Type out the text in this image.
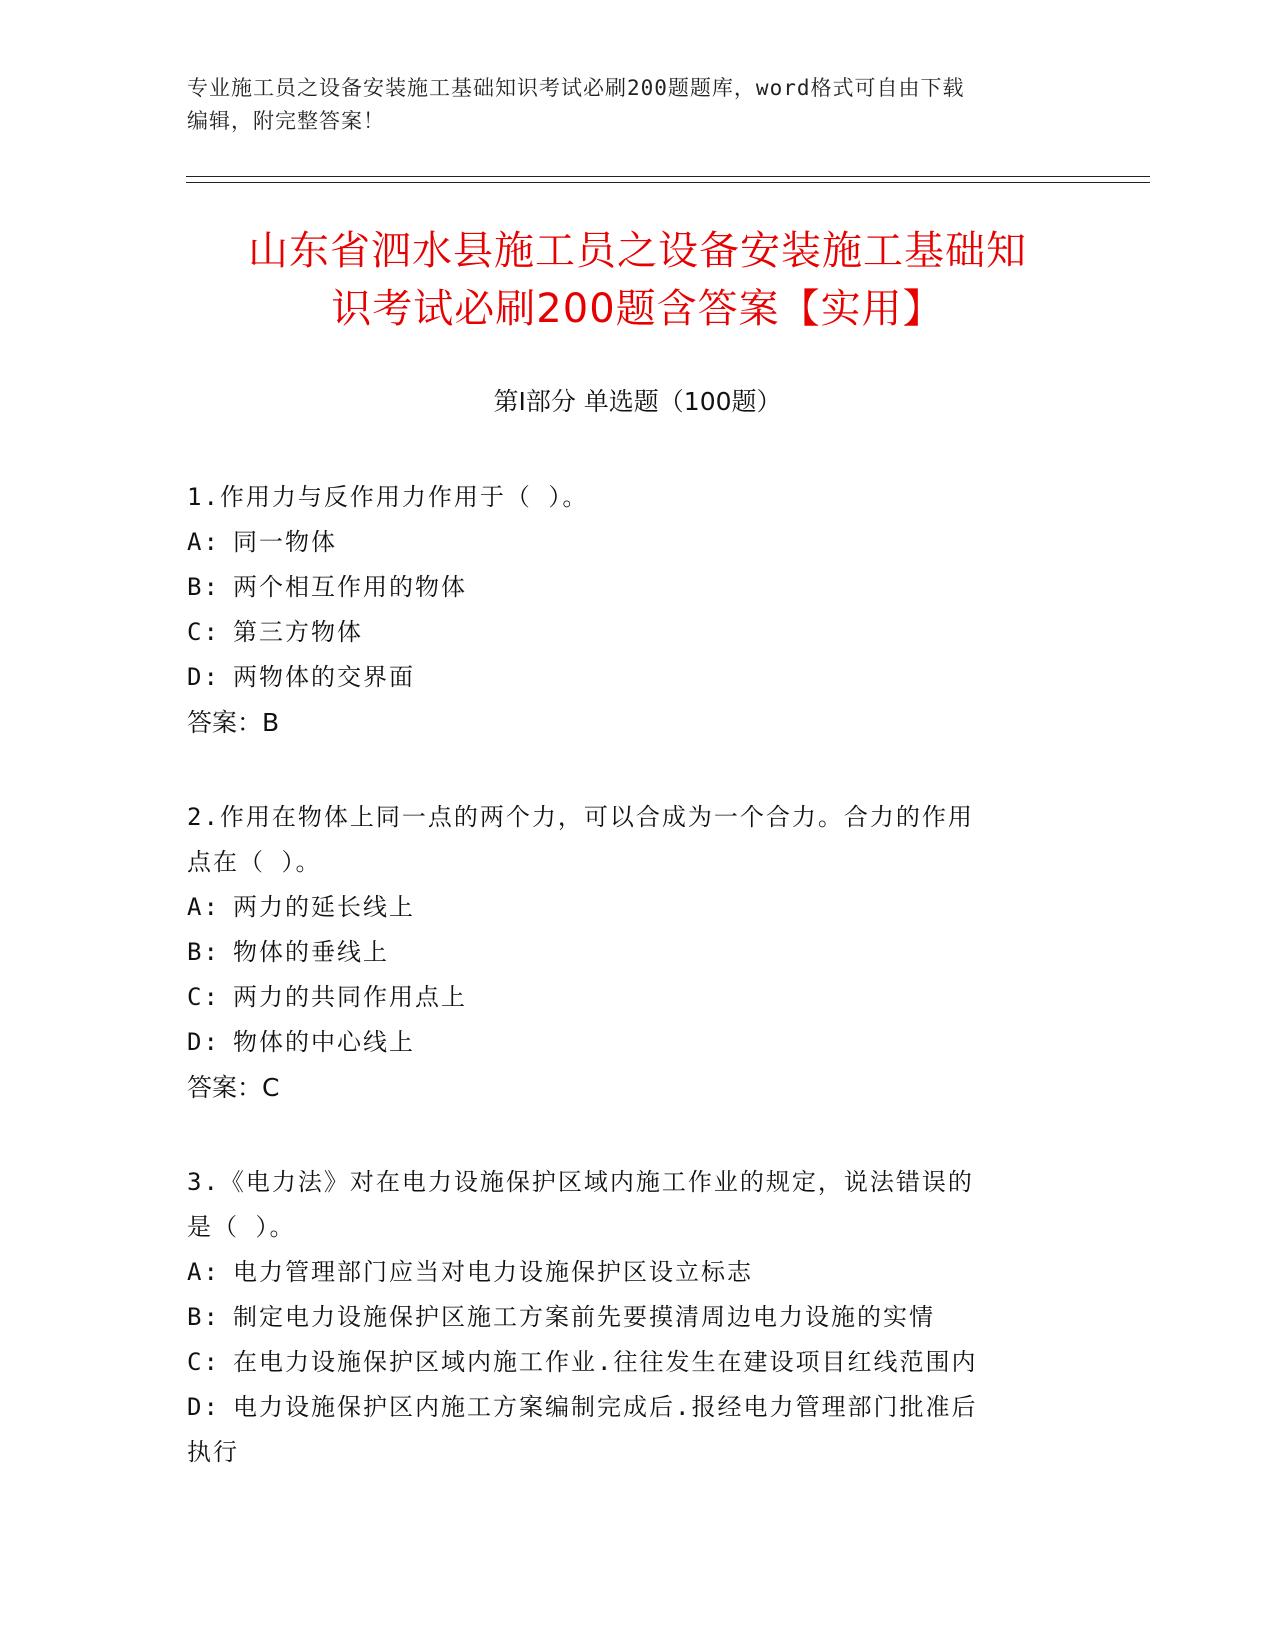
专业施工员之设备安装施工基础知识考试必刷200题题库，word格式可自由下载
编辑，附完整答案！
山东省泗水县施工员之设备安装施工基础知
识考试必刷200题含答案【实用】
第Ⅰ部分 单选题（100题）
1.作用力与反作用力作用于（ ）。
A: 同一物体
B: 两个相互作用的物体
C: 第三方物体
D: 两物体的交界面
答案：B
2.作用在物体上同一点的两个力，可以合成为一个合力。合力的作用
点在（ ）。
A: 两力的延长线上
B: 物体的垂线上
C: 两力的共同作用点上
D: 物体的中心线上
答案：C
3.《电力法》对在电力设施保护区域内施工作业的规定，说法错误的
是（ ）。
A: 电力管理部门应当对电力设施保护区设立标志
B: 制定电力设施保护区施工方案前先要摸清周边电力设施的实情
C: 在电力设施保护区域内施工作业.往往发生在建设项目红线范围内
D: 电力设施保护区内施工方案编制完成后.报经电力管理部门批准后
执行
